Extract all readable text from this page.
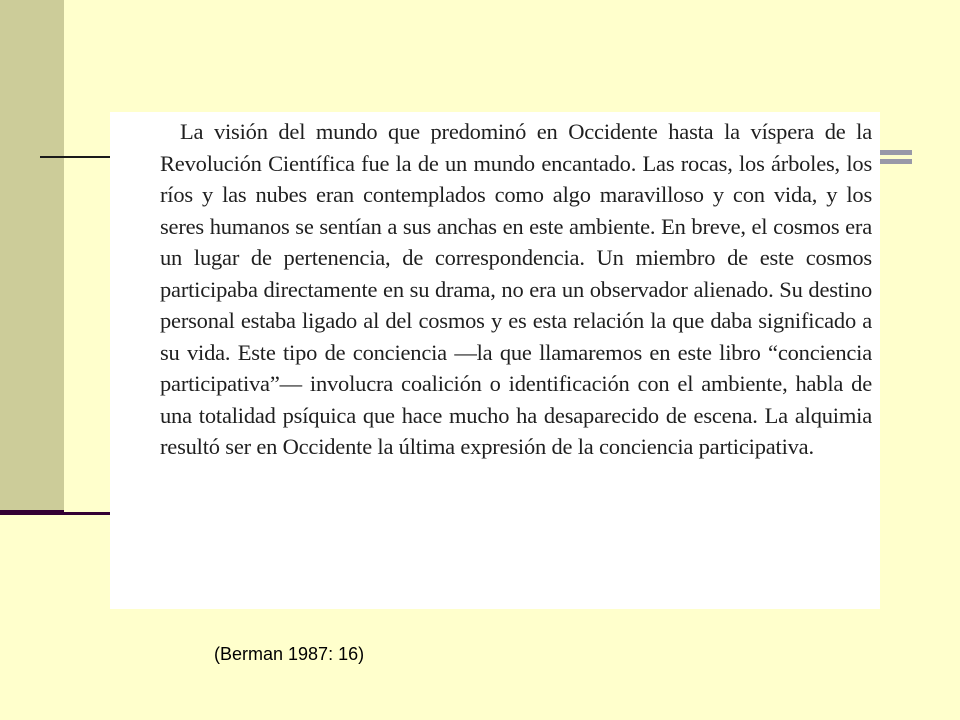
La visión del mundo que predominó en Occidente hasta la víspera de la Revolución Científica fue la de un mundo encantado. Las rocas, los árboles, los ríos y las nubes eran contemplados como algo maravilloso y con vida, y los seres humanos se sentían a sus anchas en este ambiente. En breve, el cosmos era un lugar de pertenencia, de correspondencia. Un miembro de este cosmos participaba directamente en su drama, no era un observador alienado. Su destino personal estaba ligado al del cosmos y es esta relación la que daba significado a su vida. Este tipo de conciencia —la que llamaremos en este libro “conciencia participativa”— involucra coalición o identificación con el ambiente, habla de una totalidad psíquica que hace mucho ha desaparecido de escena. La alquimia resultó ser en Occidente la última expresión de la conciencia participativa.

(Berman 1987: 16)
